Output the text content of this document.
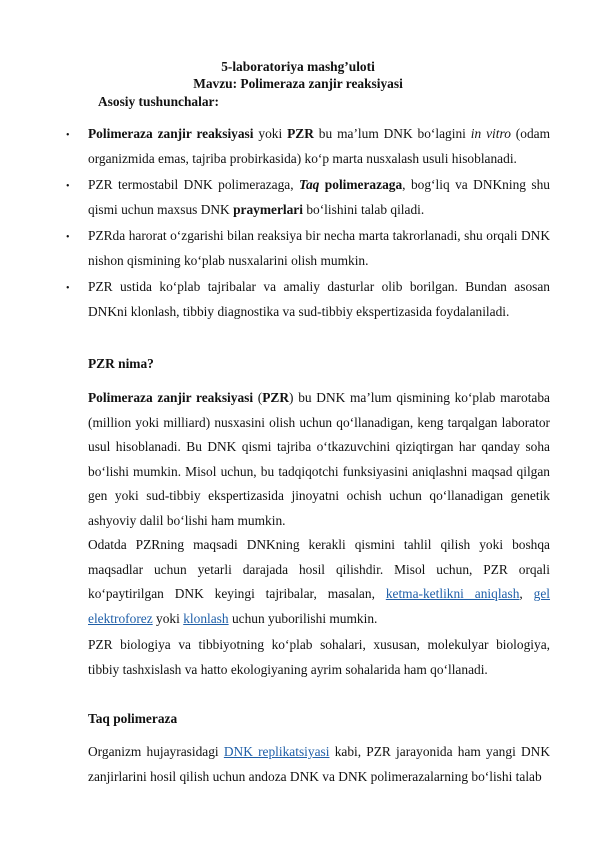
5-laboratoriya mashg’uloti
Mavzu: Polimeraza zanjir reaksiyasi
Asosiy tushunchalar:
• Polimeraza zanjir reaksiyasi yoki PZR bu ma’lum DNK bo‘lagini in vitro (odam organizmida emas, tajriba probirkasida) ko‘p marta nusxalash usuli hisoblanadi.
• PZR termostabil DNK polimerazaga, Taq polimerazaga, bog‘liq va DNKning shu qismi uchun maxsus DNK praymerlari bo‘lishini talab qiladi.
• PZRda harorat o‘zgarishi bilan reaksiya bir necha marta takrorlanadi, shu orqali DNK nishon qismining ko‘plab nusxalarini olish mumkin.
• PZR ustida ko‘plab tajribalar va amaliy dasturlar olib borilgan. Bundan asosan DNKni klonlash, tibbiy diagnostika va sud-tibbiy ekspertizasida foydalaniladi.
PZR nima?
Polimeraza zanjir reaksiyasi (PZR) bu DNK ma’lum qismining ko‘plab marotaba (million yoki milliard) nusxasini olish uchun qo‘llanadigan, keng tarqalgan laborator usul hisoblanadi. Bu DNK qismi tajriba o‘tkazuvchini qiziqtirgan har qanday soha bo‘lishi mumkin. Misol uchun, bu tadqiqotchi funksiyasini aniqlashni maqsad qilgan gen yoki sud-tibbiy ekspertizasida jinoyatni ochish uchun qo‘llanadigan genetik ashyoviy dalil bo‘lishi ham mumkin.
Odatda PZRning maqsadi DNKning kerakli qismini tahlil qilish yoki boshqa maqsadlar uchun yetarli darajada hosil qilishdir. Misol uchun, PZR orqali ko‘paytirilgan DNK keyingi tajribalar, masalan, ketma-ketlikni aniqlash, gel elektroforez yoki klonlash uchun yuborilishi mumkin.
PZR biologiya va tibbiyotning ko‘plab sohalari, xususan, molekulyar biologiya, tibbiy tashxislash va hatto ekologiyaning ayrim sohalarida ham qo‘llanadi.
Taq polimeraza
Organizm hujayrasidagi DNK replikatsiyasi kabi, PZR jarayonida ham yangi DNK zanjirlarini hosil qilish uchun andoza DNK va DNK polimerazalarning bo‘lishi talab
